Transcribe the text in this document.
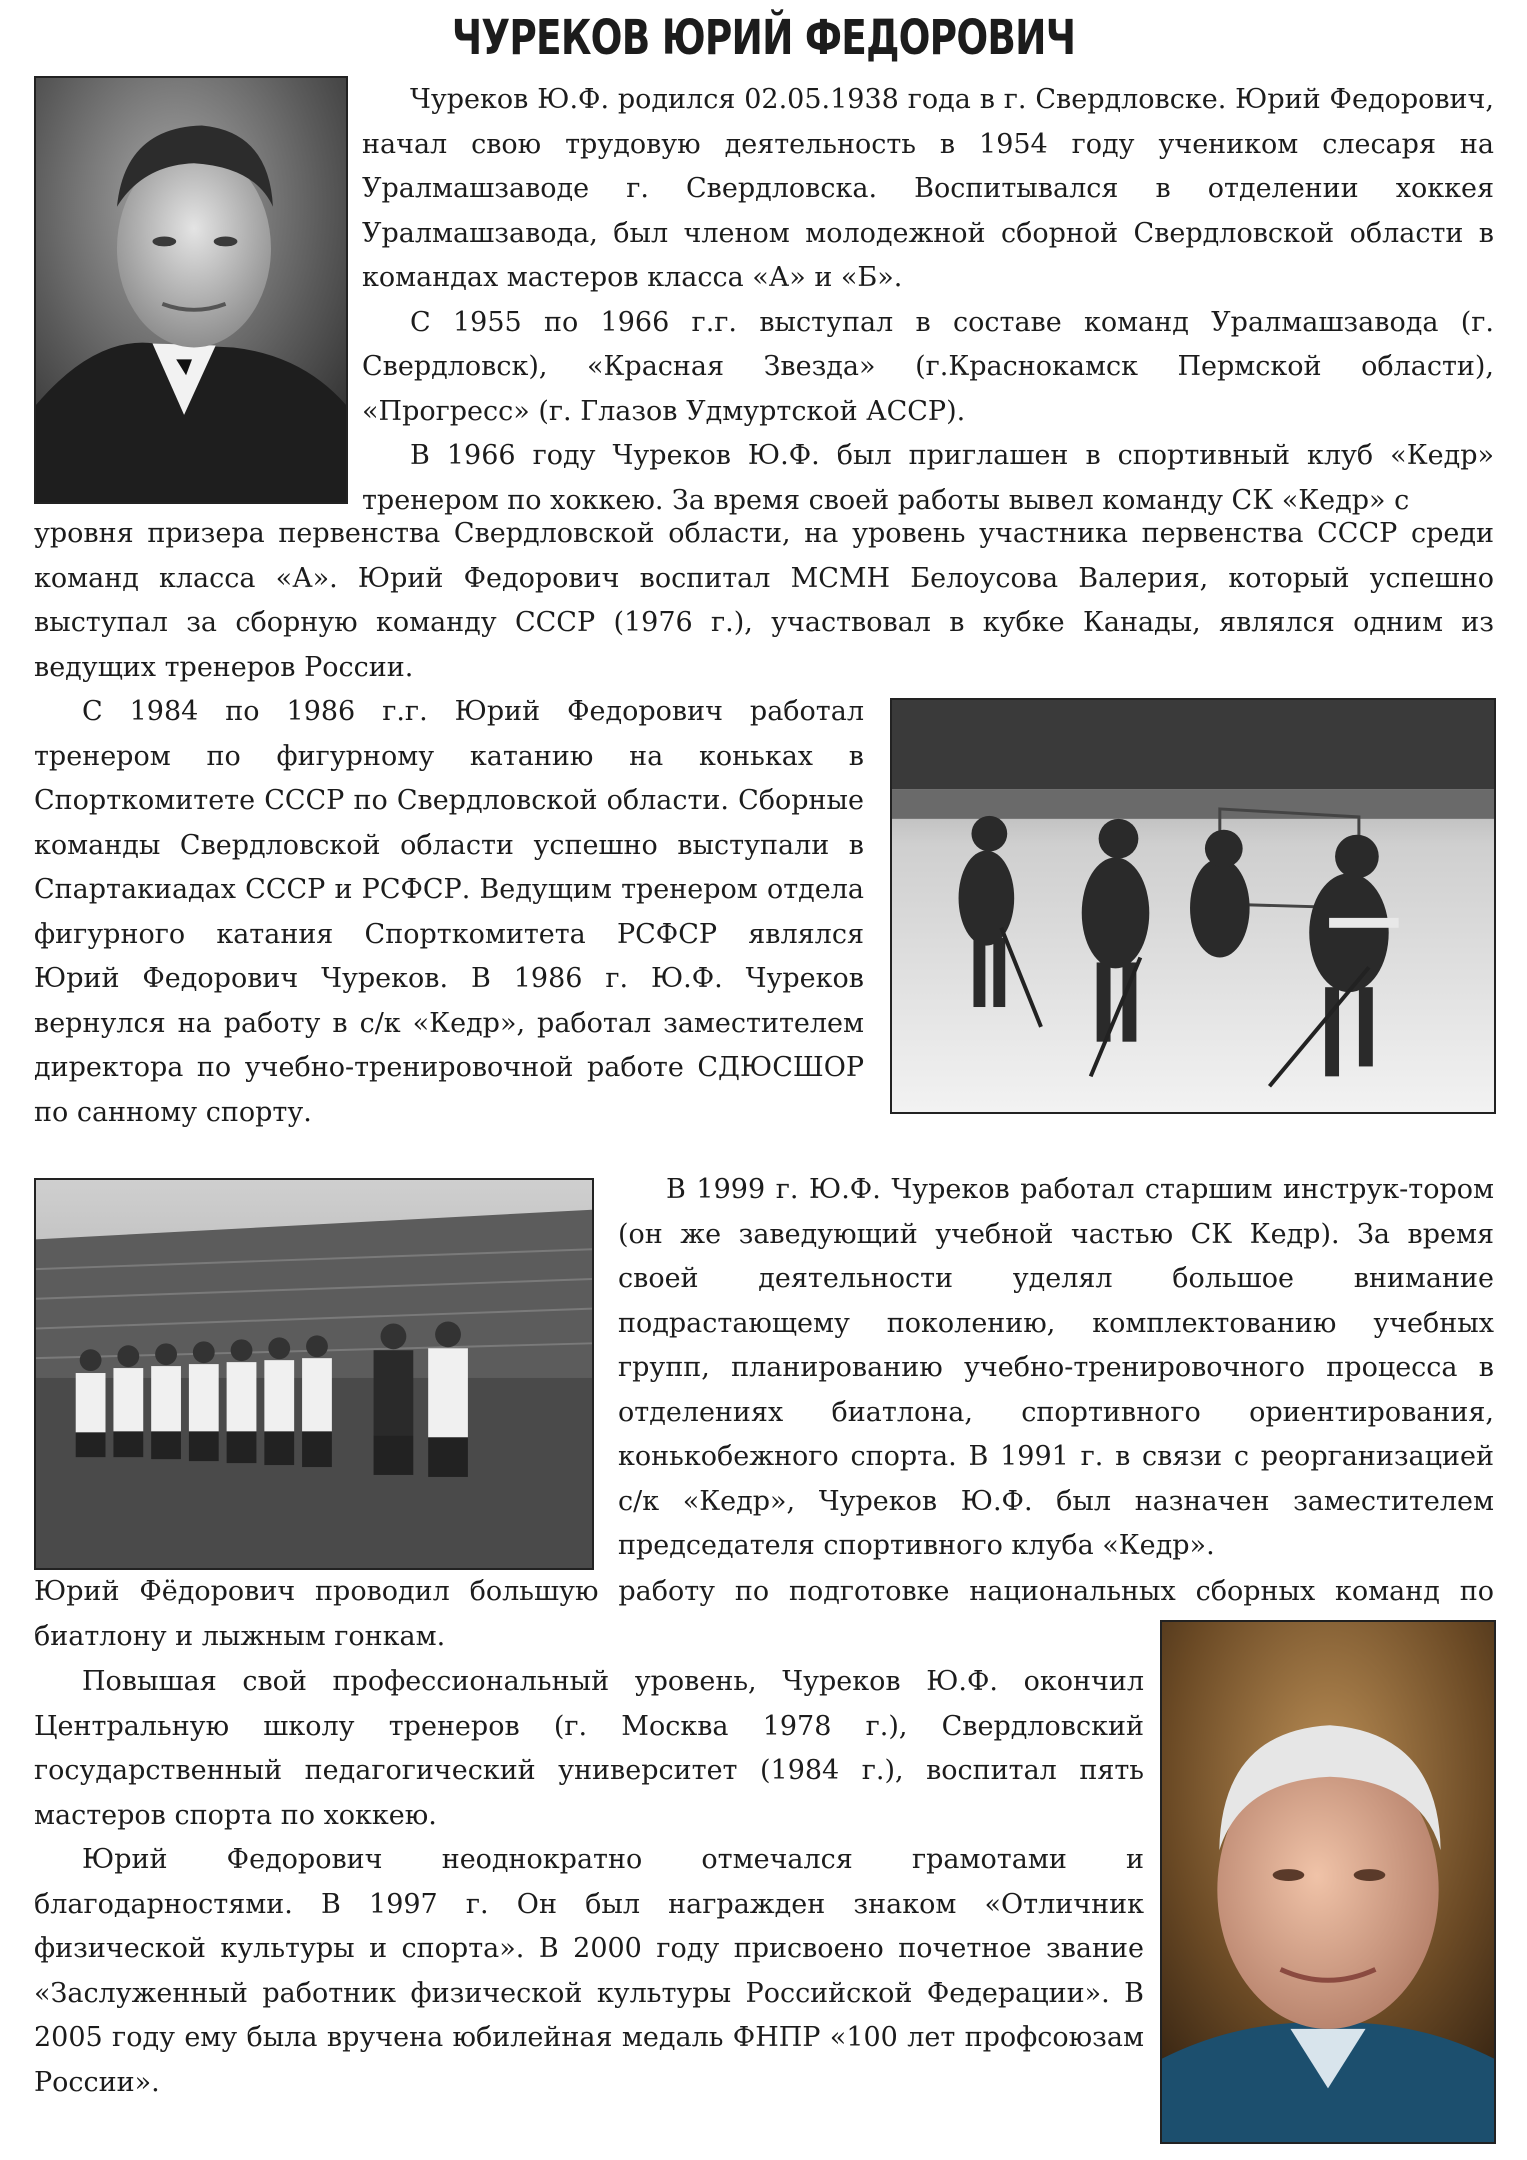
ЧУРЕКОВ ЮРИЙ ФЕДОРОВИЧ
Чуреков Ю.Ф. родился 02.05.1938 года в г. Свердловске. Юрий Федорович, начал свою трудовую деятельность в 1954 году учеником слесаря на Уралмашзаводе г. Свердловска. Воспитывался в отделении хоккея Уралмашзавода, был членом молодежной сборной Свердловской области в командах мастеров класса «А» и «Б».
С 1955 по 1966 г.г. выступал в составе команд Уралмашзавода (г. Свердловск), «Красная Звезда» (г.Краснокамск Пермской области), «Прогресс» (г. Глазов Удмуртской АССР).
В 1966 году Чуреков Ю.Ф. был приглашен в спортивный клуб «Кедр» тренером по хоккею. За время своей работы вывел команду СК «Кедр» с
уровня призера первенства Свердловской области, на уровень участника первенства СССР среди команд класса «А». Юрий Федорович воспитал МСМН Белоусова Валерия, который успешно выступал за сборную команду СССР (1976 г.), участвовал в кубке Канады, являлся одним из ведущих тренеров России.
С 1984 по 1986 г.г. Юрий Федорович работал тренером по фигурному катанию на коньках в Спорткомитете СССР по Свердловской области. Сборные команды Свердловской области успешно выступали в Спартакиадах СССР и РСФСР. Ведущим тренером отдела фигурного катания Спорткомитета РСФСР являлся Юрий Федорович Чуреков. В 1986 г. Ю.Ф. Чуреков вернулся на работу в с/к «Кедр», работал заместителем директора по учебно-тренировочной работе СДЮСШОР по санному спорту.
В 1999 г. Ю.Ф. Чуреков работал старшим инструк-тором (он же заведующий учебной частью СК Кедр). За время своей деятельности уделял большое внимание подрастающему поколению, комплектованию учебных групп, планированию учебно-тренировочного процесса в отделениях биатлона, спортивного ориентирования, конькобежного спорта. В 1991 г. в связи с реорганизацией с/к «Кедр», Чуреков Ю.Ф. был назначен заместителем председателя спортивного клуба «Кедр».
Юрий Фёдорович проводил большую работу по подготовке национальных сборных команд по биатлону и лыжным гонкам.
Повышая свой профессиональный уровень, Чуреков Ю.Ф. окончил Центральную школу тренеров (г. Москва 1978 г.), Свердловский государственный педагогический университет (1984 г.), воспитал пять мастеров спорта по хоккею.
Юрий Федорович неоднократно отмечался грамотами и благодарностями. В 1997 г. Он был награжден знаком «Отличник физической культуры и спорта». В 2000 году присвоено почетное звание «Заслуженный работник физической культуры Российской Федерации». В 2005 году ему была вручена юбилейная медаль ФНПР «100 лет профсоюзам России».
